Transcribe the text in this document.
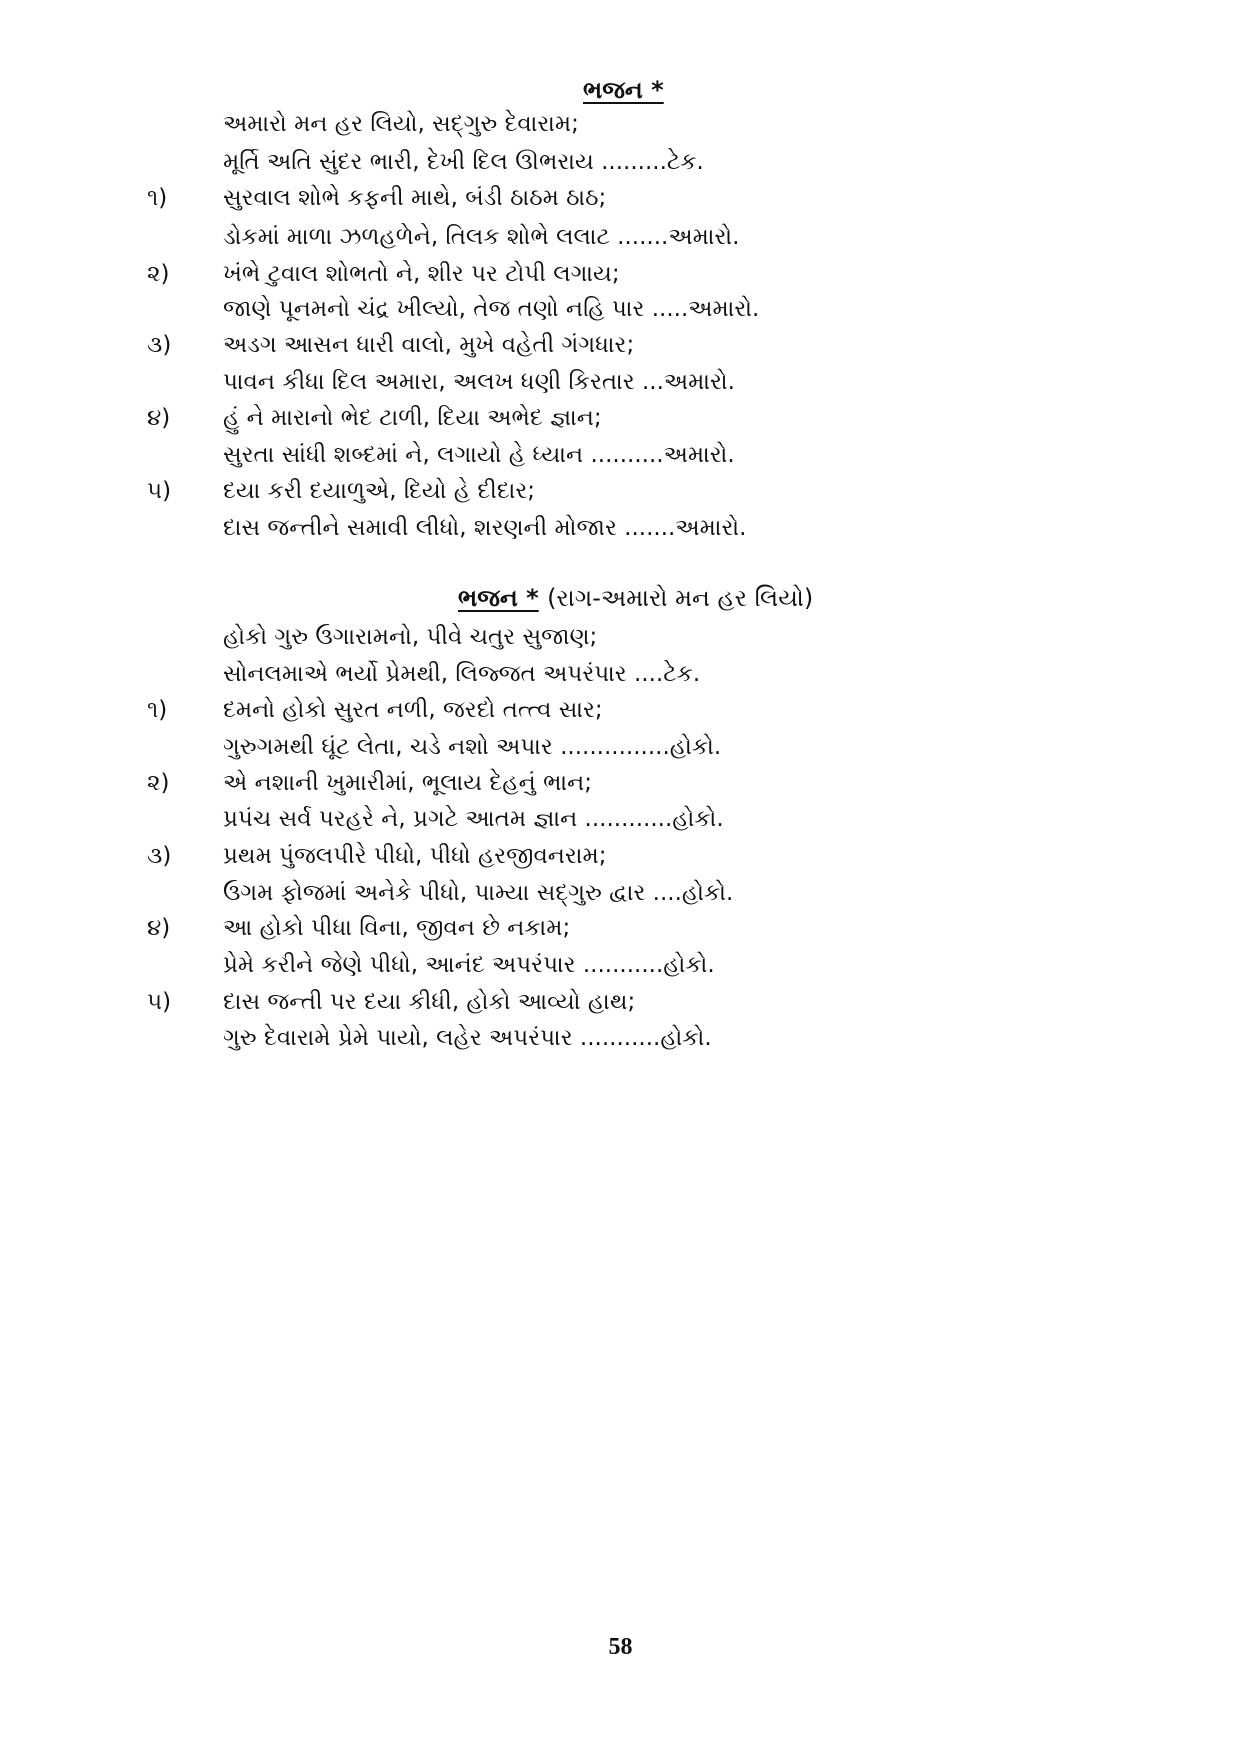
ભજન *
અમારો મન હર લિયો, સદ્‌ગુરુ દેવારામ;
મૂર્તિ અતિ સુંદર ભારી, દેખી દિલ ઊભરાય .........ટેક.
૧) સુરવાલ શોભે કફની માથે, બંડી ઠાઠમ ઠાઠ;
ડોકમાં માળા ઝળહળેને, તિલક શોભે લલાટ .......અમારો.
૨) ખંભે ટુવાલ શોભતો ને, શીર પર ટોપી લગાય;
જાણે પૂનમનો ચંદ્ર ખીલ્યો, તેજ તણો નહિ પાર .....અમારો.
૩) અડગ આસન ધારી વાલો, મુખે વહેતી ગંગધાર;
પાવન કીધા દિલ અમારા, અલખ ધણી કિરતાર ...અમારો.
૪) હું ને મારાનો ભેદ ટાળી, દિયા અભેદ જ્ઞાન;
સુરતા સાંધી શબ્દમાં ને, લગાયો હે ધ્યાન ..........અમારો.
૫) દયા કરી દયાળુએ, દિયો હે દીદાર;
દાસ જન્તીને સમાવી લીધો, શરણની મોજાર .......અમારો.
ભજન * (રાગ-અમારો મન હર લિયો)
હોકો ગુરુ ઉગારામનો, પીવે ચતુર સુજાણ;
સોનલમાએ ભર્યો પ્રેમથી, લિજ્જત અપરંપાર ....ટેક.
૧) દમનો હોકો સુરત નળી, જરદો તત્ત્વ સાર;
ગુરુગમથી ઘૂંટ લેતા, ચડે નશો અપાર ...............હોકો.
૨) એ નશાની ખુમારીમાં, ભૂલાય દેહનું ભાન;
પ્રપંચ સર્વ પરહરે ને, પ્રગટે આતમ જ્ઞાન ............હોકો.
૩) પ્રથમ પુંજલપીરે પીધો, પીધો હરજીવનરામ;
ઉગમ ફોજમાં અનેકે પીધો, પામ્યા સદ્‌ગુરુ દ્વાર ....હોકો.
૪) આ હોકો પીધા વિના, જીવન છે નકામ;
પ્રેમે કરીને જેણે પીધો, આનંદ અપરંપાર ...........હોકો.
૫) દાસ જન્તી પર દયા કીધી, હોકો આવ્યો હાથ;
ગુરુ દેવારામે પ્રેમે પાયો, લહેર અપરંપાર ...........હોકો.
58
